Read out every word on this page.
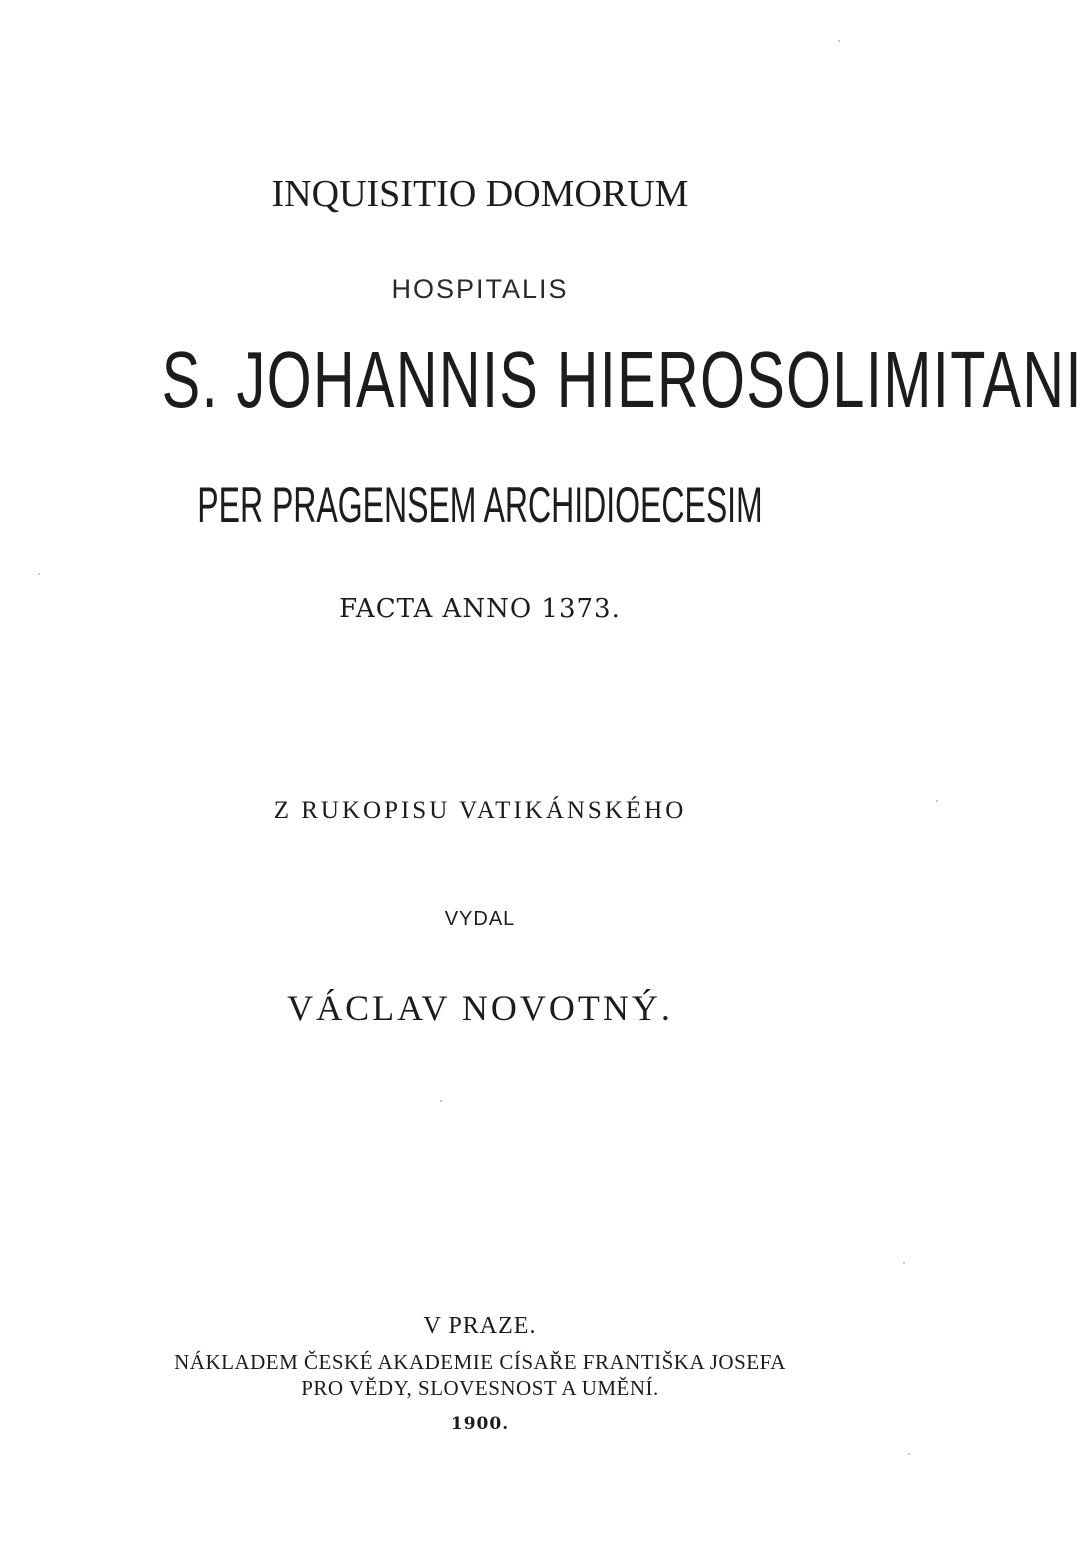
INQUISITIO DOMORUM
HOSPITALIS
S. JOHANNIS HIEROSOLIMITANI
PER PRAGENSEM ARCHIDIOECESIM
FACTA ANNO 1373.
Z RUKOPISU VATIKÁNSKÉHO
VYDAL
VÁCLAV NOVOTNÝ.
V PRAZE.
NÁKLADEM ČESKÉ AKADEMIE CÍSAŘE FRANTIŠKA JOSEFA
PRO VĚDY, SLOVESNOST A UMĚNÍ.
1900.
